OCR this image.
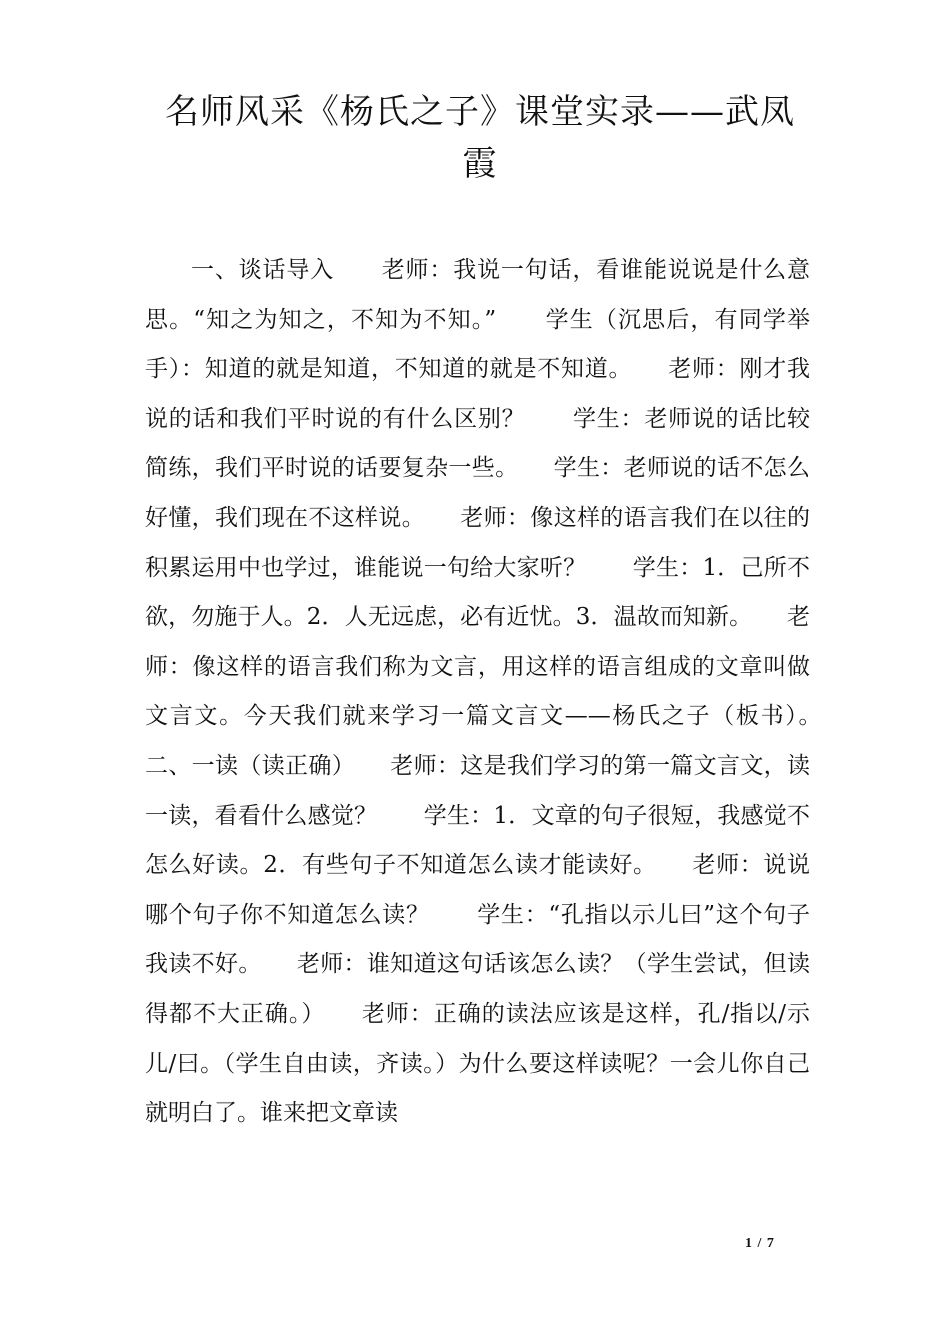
名师风采《杨氏之子》课堂实录——武凤霞

一、谈话导入　　老师：我说一句话，看谁能说说是什么意思。“知之为知之，不知为不知。”　　学生（沉思后，有同学举手）：知道的就是知道，不知道的就是不知道。　　老师：刚才我说的话和我们平时说的有什么区别？　　学生：老师说的话比较简练，我们平时说的话要复杂一些。　　学生：老师说的话不怎么好懂，我们现在不这样说。　　老师：像这样的语言我们在以往的积累运用中也学过，谁能说一句给大家听？　　学生：1．己所不欲，勿施于人。2．人无远虑，必有近忧。3．温故而知新。　　老师：像这样的语言我们称为文言，用这样的语言组成的文章叫做文言文。今天我们就来学习一篇文言文——杨氏之子（板书）。　　二、一读（读正确）　　老师：这是我们学习的第一篇文言文，读一读，看看什么感觉？　　学生：1．文章的句子很短，我感觉不怎么好读。2．有些句子不知道怎么读才能读好。　　老师：说说哪个句子你不知道怎么读？　　学生：“孔指以示儿曰”这个句子我读不好。　　老师：谁知道这句话该怎么读？（学生尝试，但读得都不大正确。）　　老师：正确的读法应该是这样，孔/指以/示儿/曰。（学生自由读，齐读。）为什么要这样读呢？一会儿你自己就明白了。谁来把文章读

1 / 7
